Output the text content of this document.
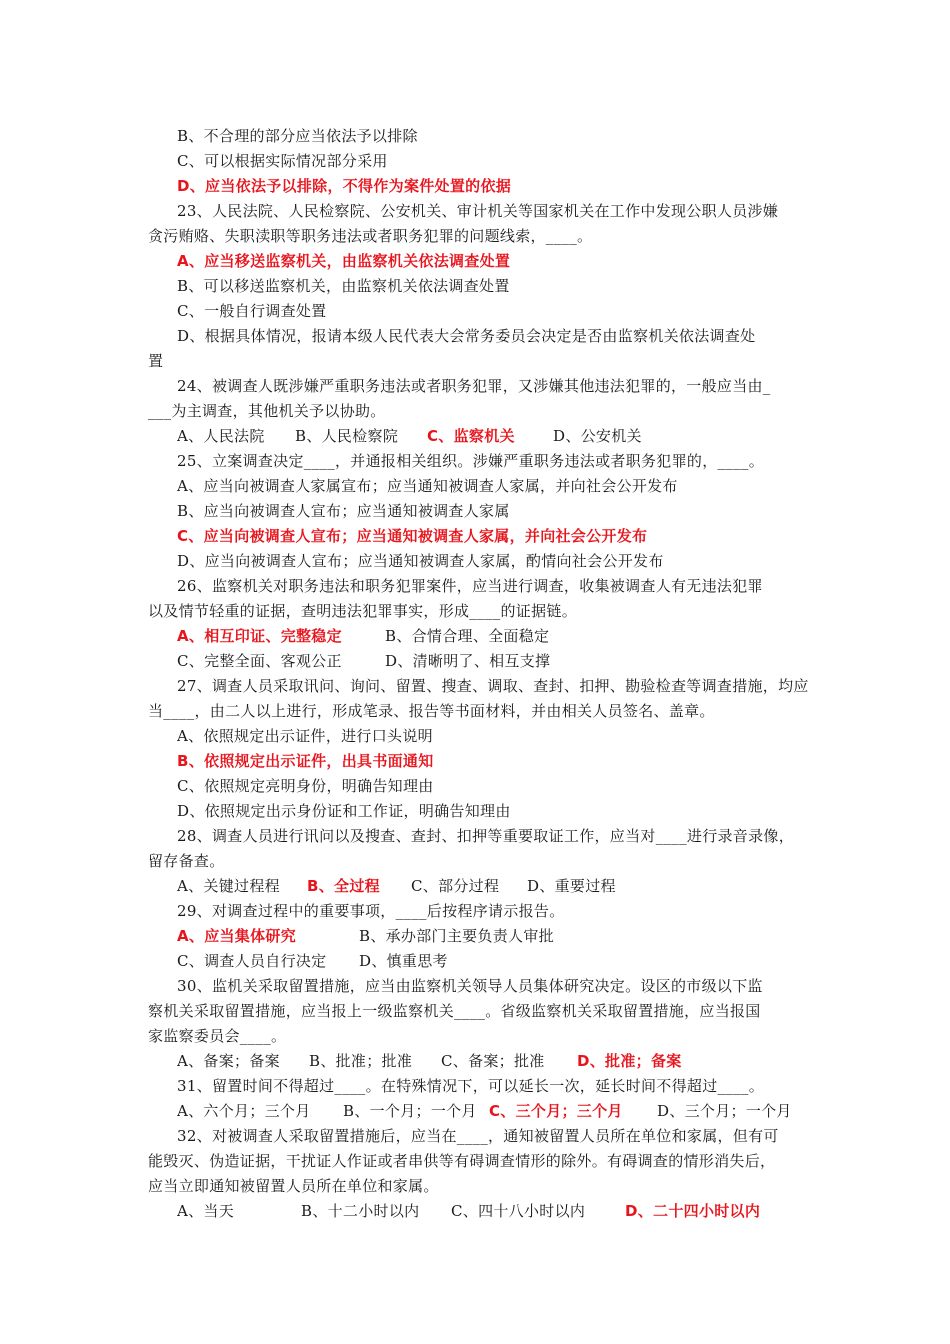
B、不合理的部分应当依法予以排除
C、可以根据实际情况部分采用
D、应当依法予以排除，不得作为案件处置的依据
23、人民法院、人民检察院、公安机关、审计机关等国家机关在工作中发现公职人员涉嫌
贪污贿赂、失职渎职等职务违法或者职务犯罪的问题线索，____。
A、应当移送监察机关，由监察机关依法调查处置
B、可以移送监察机关，由监察机关依法调查处置
C、一般自行调查处置
D、根据具体情况，报请本级人民代表大会常务委员会决定是否由监察机关依法调查处
置
24、被调查人既涉嫌严重职务违法或者职务犯罪，又涉嫌其他违法犯罪的，一般应当由_
___为主调查，其他机关予以协助。
A、人民法院 B、人民检察院 C、监察机关	D、公安机关
25、立案调查决定____，并通报相关组织。涉嫌严重职务违法或者职务犯罪的，____。
A、应当向被调查人家属宣布；应当通知被调查人家属，并向社会公开发布
B、应当向被调查人宣布；应当通知被调查人家属
C、应当向被调查人宣布；应当通知被调查人家属，并向社会公开发布
D、应当向被调查人宣布；应当通知被调查人家属，酌情向社会公开发布
26、监察机关对职务违法和职务犯罪案件，应当进行调查，收集被调查人有无违法犯罪
以及情节轻重的证据，查明违法犯罪事实，形成____的证据链。
A、相互印证、完整稳定	B、合情合理、全面稳定
C、完整全面、客观公正	D、清晰明了、相互支撑
27、调查人员采取讯问、询问、留置、搜查、调取、查封、扣押、勘验检查等调查措施，均应
当____，由二人以上进行，形成笔录、报告等书面材料，并由相关人员签名、盖章。
A、依照规定出示证件，进行口头说明
B、依照规定出示证件，出具书面通知
C、依照规定亮明身份，明确告知理由
D、依照规定出示身份证和工作证，明确告知理由
28、调查人员进行讯问以及搜查、查封、扣押等重要取证工作，应当对____进行录音录像，
留存备查。
A、关键过程程 B、全过程 C、部分过程 D、重要过程
29、对调查过程中的重要事项，____后按程序请示报告。
A、应当集体研究	B、承办部门主要负责人审批
C、调查人员自行决定 D、慎重思考
30、监机关采取留置措施，应当由监察机关领导人员集体研究决定。设区的市级以下监
察机关采取留置措施，应当报上一级监察机关____。省级监察机关采取留置措施，应当报国
家监察委员会____。
A、备案；备案 B、批准；批准 C、备案；批准 D、批准；备案
31、留置时间不得超过____。在特殊情况下，可以延长一次，延长时间不得超过____。
A、六个月；三个月 B、一个月；一个月 C、三个月；三个月 D、三个月；一个月
32、对被调查人采取留置措施后，应当在____，通知被留置人员所在单位和家属，但有可
能毁灭、伪造证据，干扰证人作证或者串供等有碍调查情形的除外。有碍调查的情形消失后，
应当立即通知被留置人员所在单位和家属。
A、当天	B、十二小时以内 C、四十八小时以内	D、二十四小时以内
